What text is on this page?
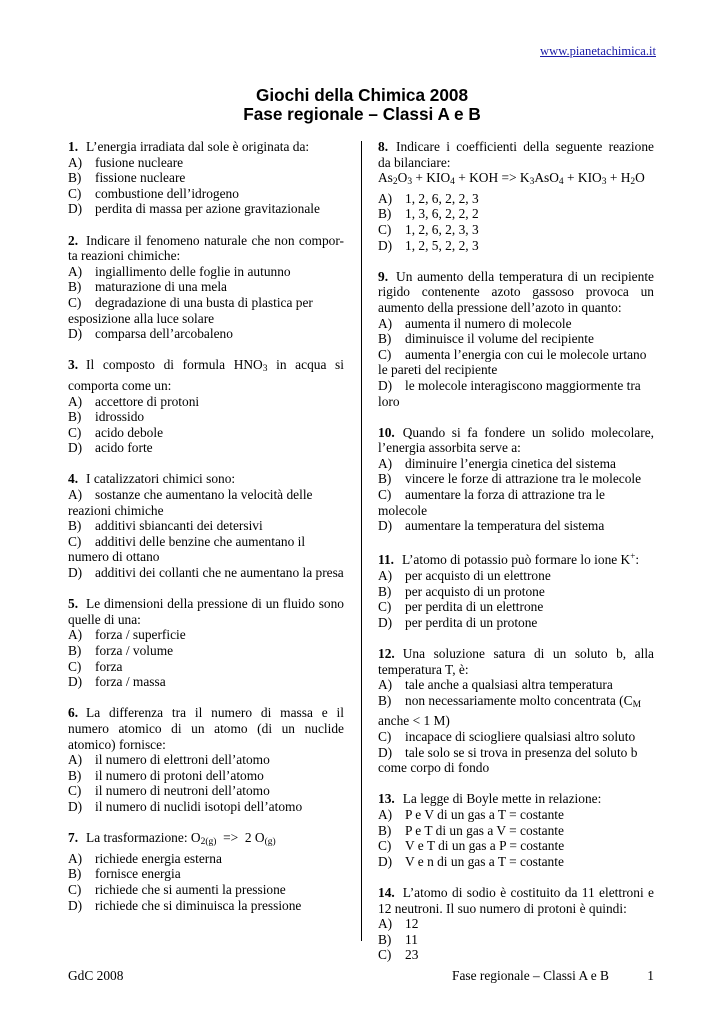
www.pianetachimica.it
Giochi della Chimica 2008
Fase regionale – Classi A e B
1. L’energia irradiata dal sole è originata da:
A) fusione nucleare
B) fissione nucleare
C) combustione dell’idrogeno
D) perdita di massa per azione gravitazionale
2. Indicare il fenomeno naturale che non compor-ta reazioni chimiche:
A) ingiallimento delle foglie in autunno
B) maturazione di una mela
C) degradazione di una busta di plastica per esposizione alla luce solare
D) comparsa dell’arcobaleno
3. Il composto di formula $HNO_3$ in acqua si comporta come un:
A) accettore di protoni
B) idrossido
C) acido debole
D) acido forte
4. I catalizzatori chimici sono:
A) sostanze che aumentano la velocità delle reazioni chimiche
B) additivi sbiancanti dei detersivi
C) additivi delle benzine che aumentano il numero di ottano
D) additivi dei collanti che ne aumentano la presa
5. Le dimensioni della pressione di un fluido sono quelle di una:
A) forza / superficie
B) forza / volume
C) forza
D) forza / massa
6. La differenza tra il numero di massa e il numero atomico di un atomo (di un nuclide atomico) fornisce:
A) il numero di elettroni dell’atomo
B) il numero di protoni dell’atomo
C) il numero di neutroni dell’atomo
D) il numero di nuclidi isotopi dell’atomo
7. La trasformazione: $O_{2(g)} => 2$ $O_{(g)}$
A) richiede energia esterna
B) fornisce energia
C) richiede che si aumenti la pressione
D) richiede che si diminuisca la pressione
8. Indicare i coefficienti della seguente reazione da bilanciare:
$As_2O_3 + KIO_4$ + KOH => $K_3AsO_4 + KIO_3 + H_2O$
A) 1, 2, 6, 2, 2, 3
B) 1, 3, 6, 2, 2, 2
C) 1, 2, 6, 2, 3, 3
D) 1, 2, 5, 2, 2, 3
9. Un aumento della temperatura di un recipiente rigido contenente azoto gassoso provoca un aumento della pressione dell’azoto in quanto:
A) aumenta il numero di molecole
B) diminuisce il volume del recipiente
C) aumenta l’energia con cui le molecole urtano le pareti del recipiente
D) le molecole interagiscono maggiormente tra loro
10. Quando si fa fondere un solido molecolare, l’energia assorbita serve a:
A) diminuire l’energia cinetica del sistema
B) vincere le forze di attrazione tra le molecole
C) aumentare la forza di attrazione tra le molecole
D) aumentare la temperatura del sistema
11. L’atomo di potassio può formare lo ione K+:
A) per acquisto di un elettrone
B) per acquisto di un protone
C) per perdita di un elettrone
D) per perdita di un protone
12. Una soluzione satura di un soluto b, alla temperatura T, è:
A) tale anche a qualsiasi altra temperatura
B) non necessariamente molto concentrata ($C_M$ anche < 1 M)
C) incapace di sciogliere qualsiasi altro soluto
D) tale solo se si trova in presenza del soluto b come corpo di fondo
13. La legge di Boyle mette in relazione:
A) P e V di un gas a T = costante
B) P e T di un gas a V = costante
C) V e T di un gas a P = costante
D) V e n di un gas a T = costante
14. L’atomo di sodio è costituito da 11 elettroni e 12 neutroni. Il suo numero di protoni è quindi:
A) 12
B) 11
C) 23
GdC 2008	Fase regionale – Classi A e B	1
